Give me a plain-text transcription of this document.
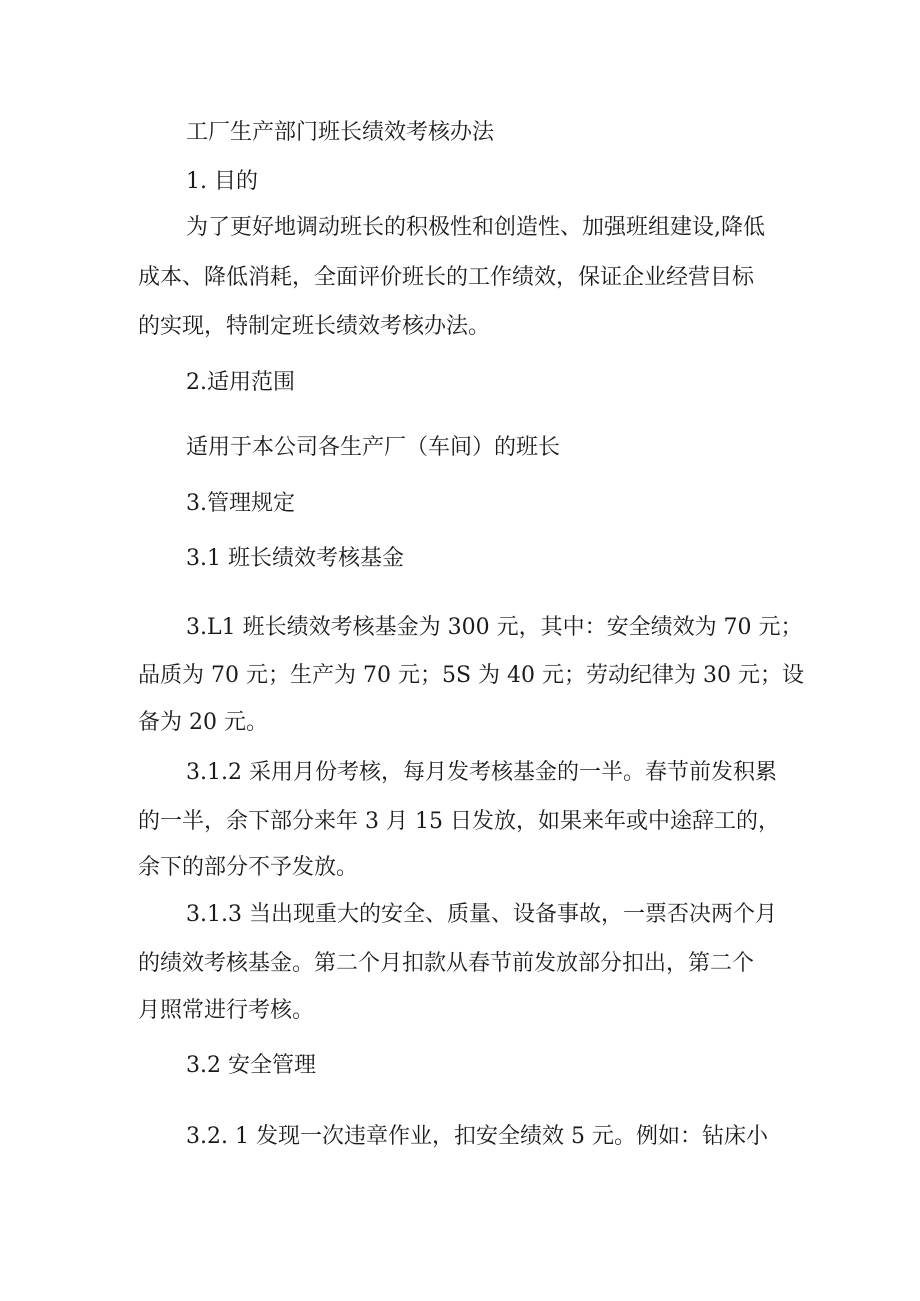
工厂生产部门班长绩效考核办法
1. 目的
为了更好地调动班长的积极性和创造性、加强班组建设,降低
成本、降低消耗，全面评价班长的工作绩效，保证企业经营目标
的实现，特制定班长绩效考核办法。
2.适用范围
适用于本公司各生产厂（车间）的班长
3.管理规定
3.1 班长绩效考核基金
3.L1 班长绩效考核基金为 300 元，其中：安全绩效为 70 元；
品质为 70 元；生产为 70 元；5S 为 40 元；劳动纪律为 30 元；设
备为 20 元。
3.1.2 采用月份考核，每月发考核基金的一半。春节前发积累
的一半，余下部分来年 3 月 15 日发放，如果来年或中途辞工的，
余下的部分不予发放。
3.1.3 当出现重大的安全、质量、设备事故，一票否决两个月
的绩效考核基金。第二个月扣款从春节前发放部分扣出，第二个
月照常进行考核。
3.2 安全管理
3.2. 1 发现一次违章作业，扣安全绩效 5 元。例如：钻床小
